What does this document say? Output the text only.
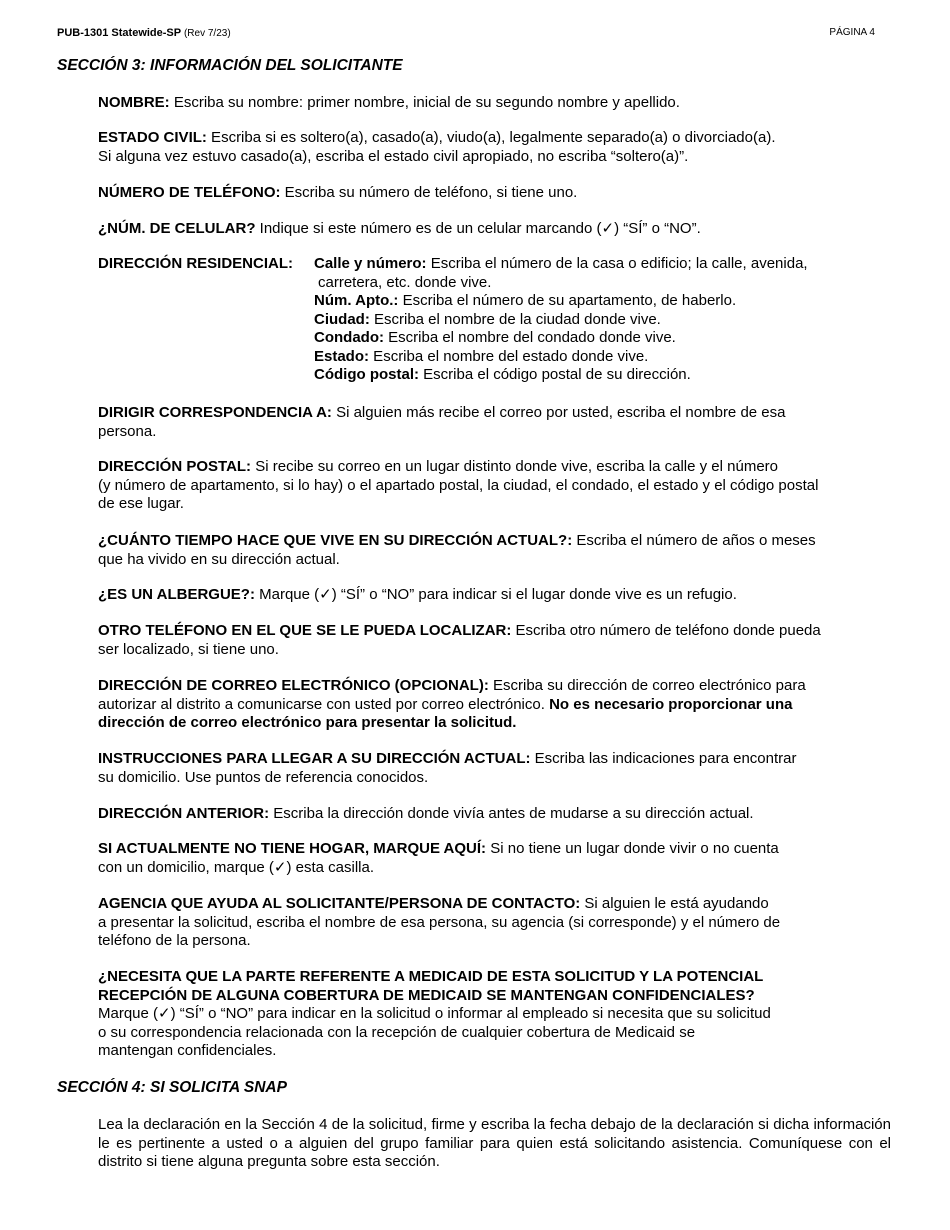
PUB-1301 Statewide-SP (Rev 7/23)	PÁGINA 4
SECCIÓN 3: INFORMACIÓN DEL SOLICITANTE

NOMBRE: Escriba su nombre: primer nombre, inicial de su segundo nombre y apellido.

ESTADO CIVIL: Escriba si es soltero(a), casado(a), viudo(a), legalmente separado(a) o divorciado(a).
Si alguna vez estuvo casado(a), escriba el estado civil apropiado, no escriba “soltero(a)”.

NÚMERO DE TELÉFONO: Escriba su número de teléfono, si tiene uno.

¿NÚM. DE CELULAR? Indique si este número es de un celular marcando (✓) “SÍ” o “NO”.

DIRECCIÓN RESIDENCIAL: Calle y número: Escriba el número de la casa o edificio; la calle, avenida,
carretera, etc. donde vive.
Núm. Apto.: Escriba el número de su apartamento, de haberlo.
Ciudad: Escriba el nombre de la ciudad donde vive.
Condado: Escriba el nombre del condado donde vive.
Estado: Escriba el nombre del estado donde vive.
Código postal: Escriba el código postal de su dirección.

DIRIGIR CORRESPONDENCIA A: Si alguien más recibe el correo por usted, escriba el nombre de esa
persona.

DIRECCIÓN POSTAL: Si recibe su correo en un lugar distinto donde vive, escriba la calle y el número
(y número de apartamento, si lo hay) o el apartado postal, la ciudad, el condado, el estado y el código postal
de ese lugar.

¿CUÁNTO TIEMPO HACE QUE VIVE EN SU DIRECCIÓN ACTUAL?: Escriba el número de años o meses
que ha vivido en su dirección actual.

¿ES UN ALBERGUE?: Marque (✓) “SÍ” o “NO” para indicar si el lugar donde vive es un refugio.

OTRO TELÉFONO EN EL QUE SE LE PUEDA LOCALIZAR: Escriba otro número de teléfono donde pueda
ser localizado, si tiene uno.

DIRECCIÓN DE CORREO ELECTRÓNICO (OPCIONAL): Escriba su dirección de correo electrónico para
autorizar al distrito a comunicarse con usted por correo electrónico. No es necesario proporcionar una
dirección de correo electrónico para presentar la solicitud.

INSTRUCCIONES PARA LLEGAR A SU DIRECCIÓN ACTUAL: Escriba las indicaciones para encontrar
su domicilio. Use puntos de referencia conocidos.

DIRECCIÓN ANTERIOR: Escriba la dirección donde vivía antes de mudarse a su dirección actual.

SI ACTUALMENTE NO TIENE HOGAR, MARQUE AQUÍ: Si no tiene un lugar donde vivir o no cuenta
con un domicilio, marque (✓) esta casilla.

AGENCIA QUE AYUDA AL SOLICITANTE/PERSONA DE CONTACTO: Si alguien le está ayudando
a presentar la solicitud, escriba el nombre de esa persona, su agencia (si corresponde) y el número de
teléfono de la persona.

¿NECESITA QUE LA PARTE REFERENTE A MEDICAID DE ESTA SOLICITUD Y LA POTENCIAL
RECEPCIÓN DE ALGUNA COBERTURA DE MEDICAID SE MANTENGAN CONFIDENCIALES?
Marque (✓) “SÍ” o “NO” para indicar en la solicitud o informar al empleado si necesita que su solicitud
o su correspondencia relacionada con la recepción de cualquier cobertura de Medicaid se
mantengan confidenciales.

SECCIÓN 4: SI SOLICITA SNAP

Lea la declaración en la Sección 4 de la solicitud, firme y escriba la fecha debajo de la declaración si dicha información le es pertinente a usted o a alguien del grupo familiar para quien está solicitando asistencia. Comuníquese con el distrito si tiene alguna pregunta sobre esta sección.
